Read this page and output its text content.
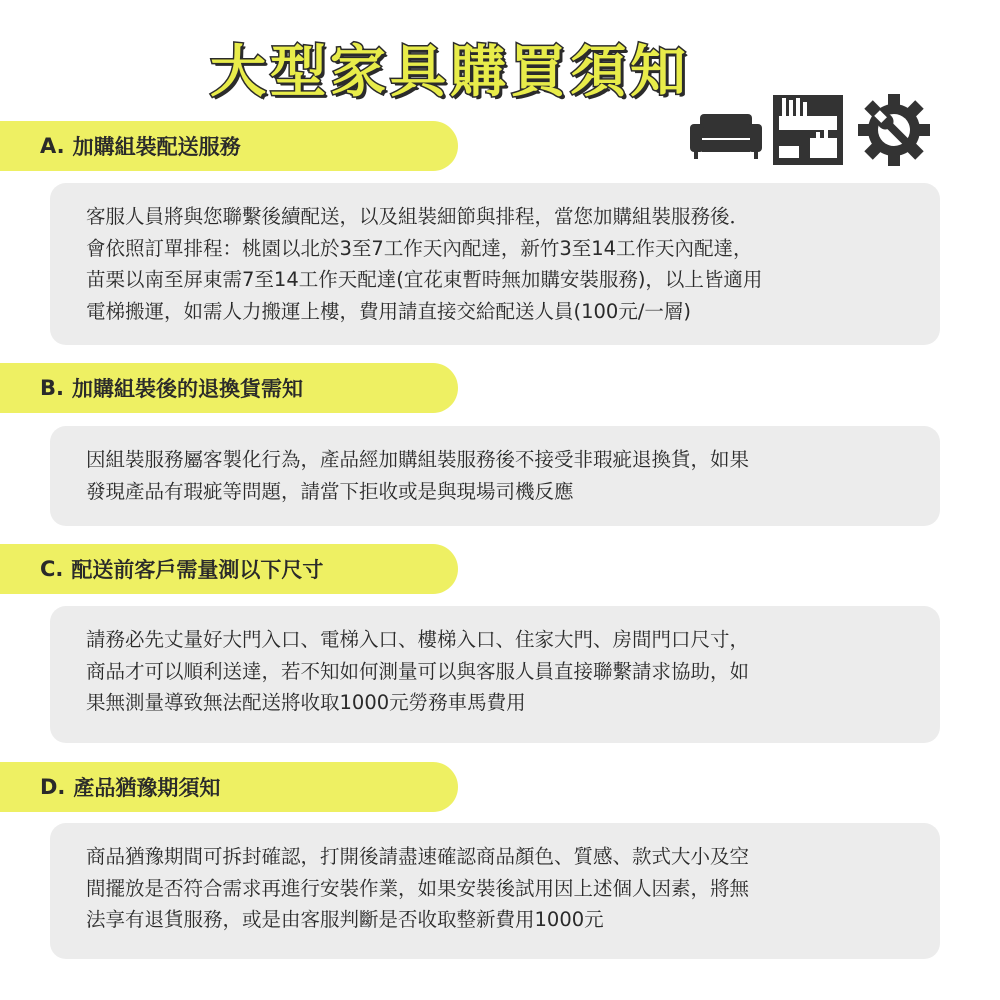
大型家具購買須知
A. 加購組裝配送服務

客服人員將與您聯繫後續配送，以及組裝細節與排程，當您加購組裝服務後．

會依照訂單排程：桃園以北於3至7工作天內配達，新竹3至14工作天內配達，

苗栗以南至屏東需7至14工作天配達(宜花東暫時無加購安裝服務)，以上皆適用

電梯搬運，如需人力搬運上樓，費用請直接交給配送人員(100元/一層)

B. 加購組裝後的退換貨需知

因組裝服務屬客製化行為，產品經加購組裝服務後不接受非瑕疵退換貨，如果

發現產品有瑕疵等問題，請當下拒收或是與現場司機反應

C. 配送前客戶需量測以下尺寸

請務必先丈量好大門入口、電梯入口、樓梯入口、住家大門、房間門口尺寸，

商品才可以順利送達，若不知如何測量可以與客服人員直接聯繫請求協助，如

果無測量導致無法配送將收取1000元勞務車馬費用

D. 產品猶豫期須知

商品猶豫期間可拆封確認，打開後請盡速確認商品顏色、質感、款式大小及空

間擺放是否符合需求再進行安裝作業，如果安裝後試用因上述個人因素，將無

法享有退貨服務，或是由客服判斷是否收取整新費用1000元
